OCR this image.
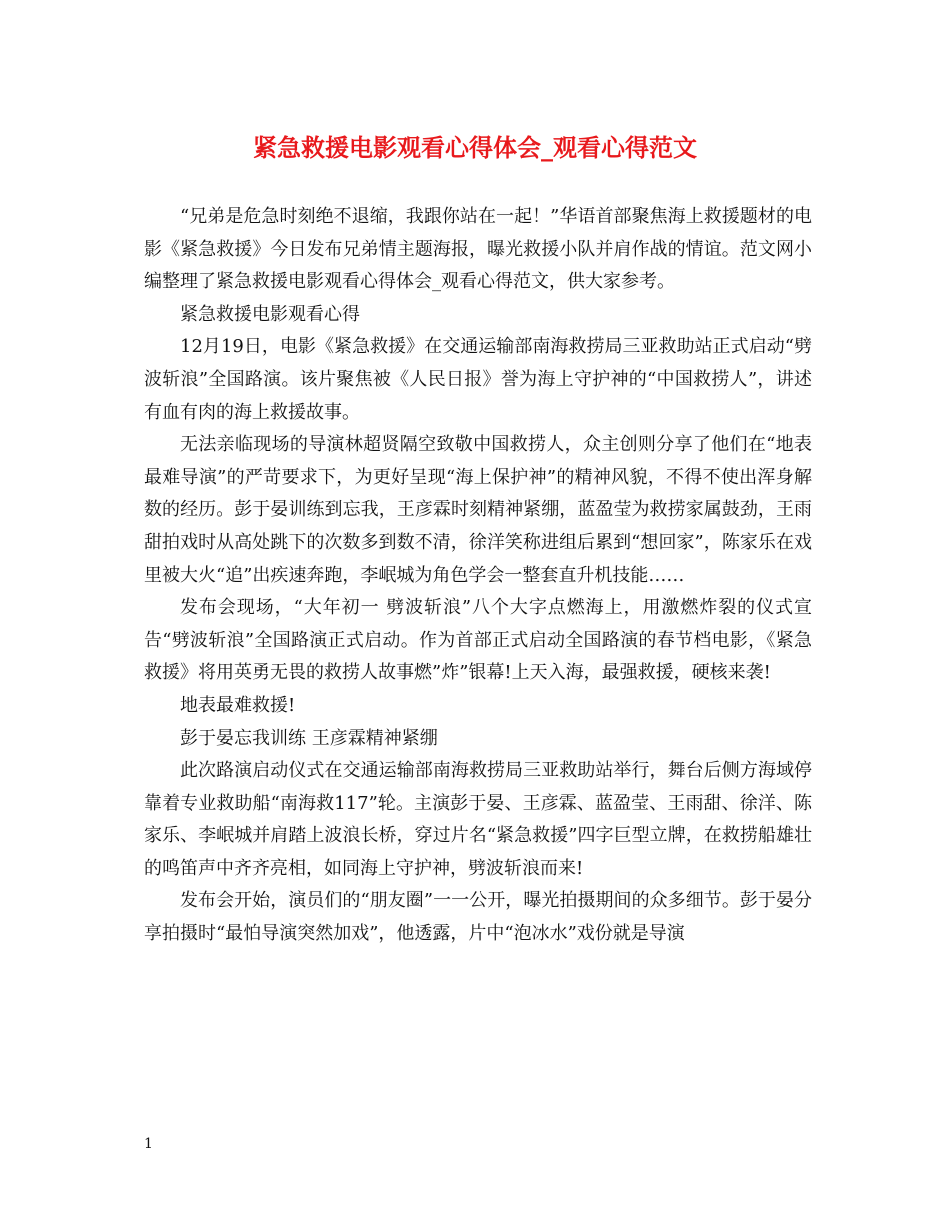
紧急救援电影观看心得体会_观看心得范文

“兄弟是危急时刻绝不退缩，我跟你站在一起！”华语首部聚焦海上救援题材的电影《紧急救援》今日发布兄弟情主题海报，曝光救援小队并肩作战的情谊。范文网小编整理了紧急救援电影观看心得体会_观看心得范文，供大家参考。

紧急救援电影观看心得

12月19日，电影《紧急救援》在交通运输部南海救捞局三亚救助站正式启动“劈波斩浪”全国路演。该片聚焦被《人民日报》誉为海上守护神的“中国救捞人”，讲述有血有肉的海上救援故事。

无法亲临现场的导演林超贤隔空致敬中国救捞人，众主创则分享了他们在“地表最难导演”的严苛要求下，为更好呈现“海上保护神”的精神风貌，不得不使出浑身解数的经历。彭于晏训练到忘我，王彦霖时刻精神紧绷，蓝盈莹为救捞家属鼓劲，王雨甜拍戏时从高处跳下的次数多到数不清，徐洋笑称进组后累到“想回家”，陈家乐在戏里被大火“追”出疾速奔跑，李岷城为角色学会一整套直升机技能……

发布会现场，“大年初一 劈波斩浪”八个大字点燃海上，用激燃炸裂的仪式宣告“劈波斩浪”全国路演正式启动。作为首部正式启动全国路演的春节档电影，《紧急救援》将用英勇无畏的救捞人故事燃”炸”银幕!上天入海，最强救援，硬核来袭!

地表最难救援!

彭于晏忘我训练 王彦霖精神紧绷

此次路演启动仪式在交通运输部南海救捞局三亚救助站举行，舞台后侧方海域停靠着专业救助船“南海救117”轮。主演彭于晏、王彦霖、蓝盈莹、王雨甜、徐洋、陈家乐、李岷城并肩踏上波浪长桥，穿过片名“紧急救援”四字巨型立牌，在救捞船雄壮的鸣笛声中齐齐亮相，如同海上守护神，劈波斩浪而来!

发布会开始，演员们的“朋友圈”一一公开，曝光拍摄期间的众多细节。彭于晏分享拍摄时“最怕导演突然加戏”，他透露，片中“泡冰水”戏份就是导演

1
